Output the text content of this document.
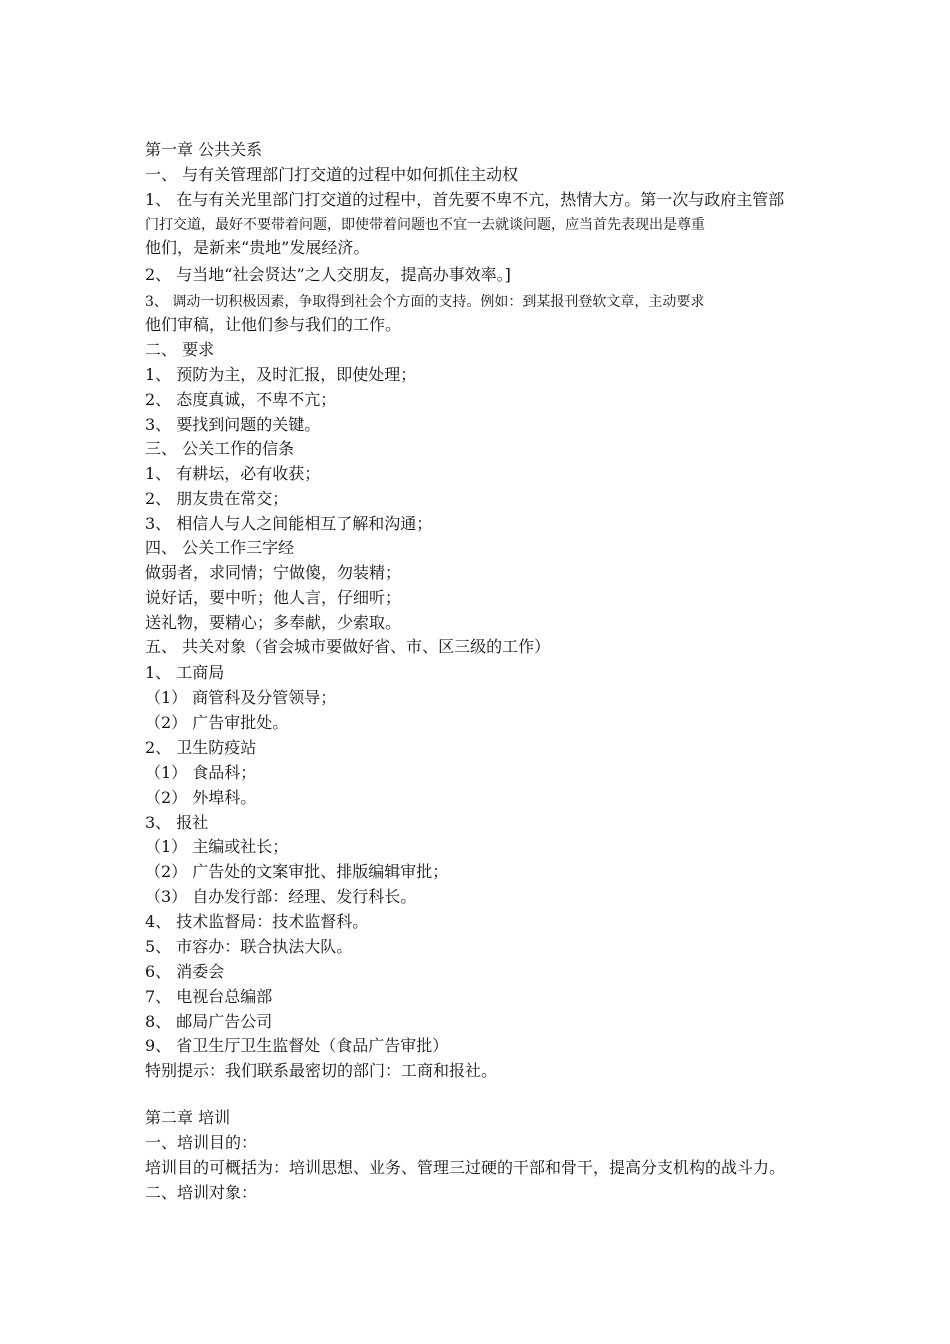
第一章 公共关系
一、 与有关管理部门打交道的过程中如何抓住主动权
1、 在与有关光里部门打交道的过程中，首先要不卑不亢，热情大方。第一次与政府主管部
门打交道，最好不要带着问题，即使带着问题也不宜一去就谈问题，应当首先表现出是尊重
他们，是新来“贵地”发展经济。
2、 与当地“社会贤达”之人交朋友，提高办事效率。]
3、 调动一切积极因素，争取得到社会个方面的支持。例如：到某报刊登软文章，主动要求
他们审稿，让他们参与我们的工作。
二、 要求
1、 预防为主，及时汇报，即使处理；
2、 态度真诚，不卑不亢；
3、 要找到问题的关键。
三、 公关工作的信条
1、 有耕坛，必有收获；
2、 朋友贵在常交；
3、 相信人与人之间能相互了解和沟通；
四、 公关工作三字经
做弱者，求同情；宁做傻，勿装精；
说好话，要中听；他人言，仔细听；
送礼物，要精心；多奉献，少索取。
五、 共关对象（省会城市要做好省、市、区三级的工作）
1、 工商局
（1） 商管科及分管领导；
（2） 广告审批处。
2、 卫生防疫站
（1） 食品科；
（2） 外埠科。
3、 报社
（1） 主编或社长；
（2） 广告处的文案审批、排版编辑审批；
（3） 自办发行部：经理、发行科长。
4、 技术监督局：技术监督科。
5、 市容办：联合执法大队。
6、 消委会
7、 电视台总编部
8、 邮局广告公司
9、 省卫生厅卫生监督处（食品广告审批）
特别提示：我们联系最密切的部门：工商和报社。
第二章 培训
一、培训目的：
培训目的可概括为：培训思想、业务、管理三过硬的干部和骨干，提高分支机构的战斗力。
二、培训对象：
